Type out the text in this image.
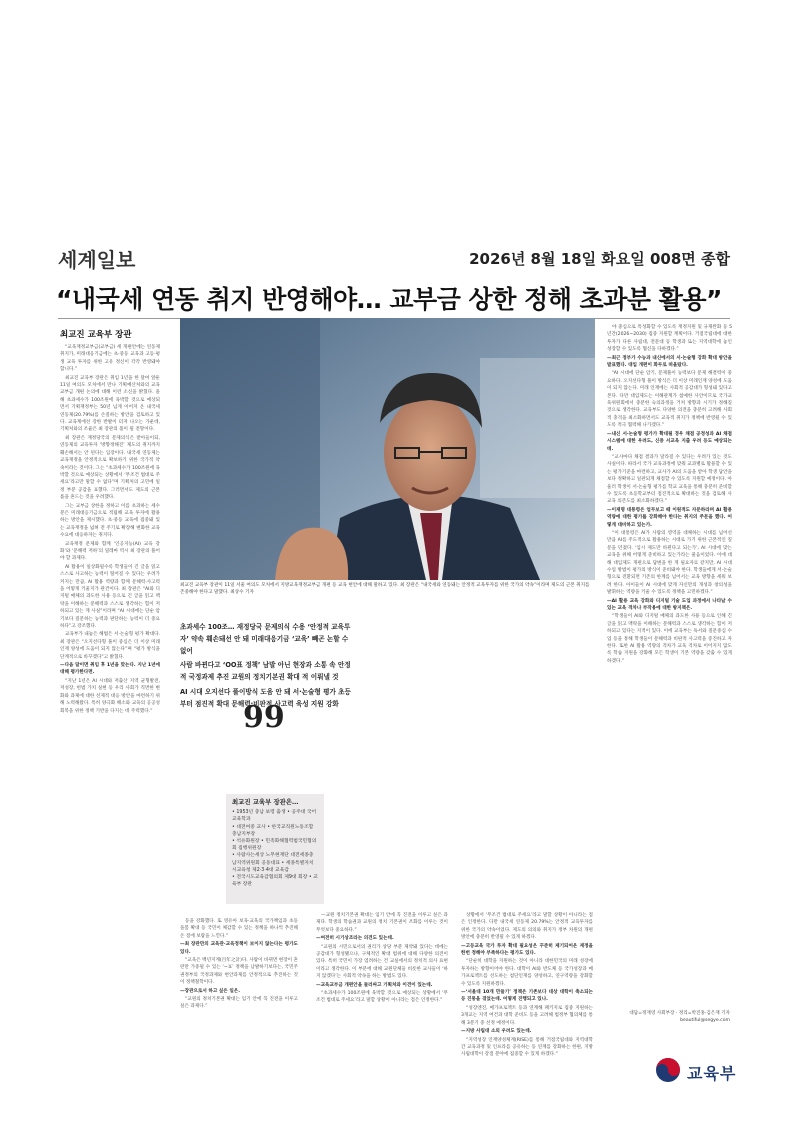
세계일보	2026년 8월 18일 화요일 008면 종합
“내국세 연동 취지 반영해야… 교부금 상한 정해 초과분 활용”
최교진 교육부 장관

“교육재정교부금(교부금) 세 개편안에는 연동제 취지가, 미래대응기금에는 초·중등 교육과 고등·평생 교육 투자를 위한 고유 정신이 각각 반영돼야 합니다.”

최교진 교육부 장관은 취임 1년을 한 달여 앞둔 11일 여의도 모처에서 만나 기획예산처와의 교육교부금 개편 논의에 대해 이런 소신을 밝혔다. 올해 초과세수가 100조원에 육박할 것으로 예상되면서 기획재정부는 50년 넘게 이어져 온 내국세 연동제(20.79%)를 손질하는 방안을 검토하고 있다. 교육계에선 강한 반발이 터져 나오는 가운데, 기획처와의 조율은 최 장관의 몫이 될 전망이다.

최 장관은 재정당국의 문제의식은 받아들이되, 연동제의 교육투자 ‘방향정해진’ 제도의 취지까지 훼손해서는 안 된다는 입장이다. 내국세 연동제는 교육재정을 안정적으로 확보하기 위한 국가적 약속이라는 것이다. 그는 “초과세수가 100조원에 육박할 것으로 예상되는 상황에서 ‘무조건 법대로 주세요’라고만 말할 수 없다”며 기획처의 고민에 일정 부분 공감을 표했다. 그러면서도 제도의 근본 틀을 흔드는 것을 우려했다.

그는 교부금 상한을 정하고 이를 초과하는 세수분은 미래대응기금으로 적립해 교육 투자에 활용하는 방안을 제시했다. 초·중등 교육에 집중돼 있는 교육재정을 넓혀 전 주기로 확장해 변화한 교육 수요에 대응하자는 취지다.

교육재정 문제와 함께 ‘인공지능(AI) 교육 강화’와 ‘문해력 저하’의 딜레마 역시 최 장관의 풀어야 할 과제다.

AI 활용이 일상화될수록 학생들이 긴 글을 읽고 스스로 사고하는 능력이 떨어질 수 있다는 우려가 커지는 만큼, AI 활용 역량과 함께 문해력·사고력을 어떻게 키울지가 관건이다. 최 장관은 “AI와 디지털 매체의 과도한 사용 등으로 긴 글을 읽고 맥락을 이해하는 문해력과 스스로 생각하는 힘이 저하되고 있는 게 사실”이라며 “AI 시대에는 단순 암기보다 질문하는 능력과 판단하는 능력이 더 중요하다”고 강조했다.

교육부가 내놓은 해법은 서·논술형 평가 확대다. 최 장관은 “오지선다형 풀이 중심은 더 이상 미래인재 양성에 도움이 되지 않는다”며 “평가 방식을 단계적으로 바꾸겠다”고 밝혔다.

—다음 달이면 취임 후 1년을 맞는다. 지난 1년에 대해 평가한다면.

“지난 1년은 AI 시대와 저출산 지역 균형발전, 저성장, 헌법 가치 실현 등 우리 사회가 직면한 변화와 과제에 대한 선제적 대응 방안을 마련하기 위해 노력해왔다. 특히 양극화 해소와 교육의 공공성 회복을 위한 정책 기반을 다지는 데 주력했다.”

최교진 교육부 장관이 11일 서울 여의도 모처에서 지방교육재정교부금 개편 등 교육 현안에 대해 말하고 있다. 최 장관은 “내국세와 연동돼는 안정적 교육투자를 위한 국가의 약속”이라며 제도의 근본 취지를 존중해야 한다고 말했다. 최상수 기자

초과세수 100조… 재정당국 문제의식 수용 ‘안정적 교육투자’ 약속 훼손돼선 안 돼 미래대응기금 ‘교육’ 빼곤 논할 수 없어

사람 바뀐다고 ‘OO표 정책’ 남발 아닌 현장과 소통 속 안정적 국정과제 추진 교원의 정치기본권 확대 적 이뤄낼 것

AI 시대 오지선다 풀이방식 도움 안 돼 서·논술형 평가 초등부터 점진적 확대 문해력·비판적 사고력 육성 지원 강화

99
최교진 교육부 장관은…
• 1953년 충남 보령 출생 • 공주대 국어교육학과
• 대전여중 교사 • 한국교직원노동조합 충남지부장
• 석유화원장 • 민족화해협력범국민협의회 집행위원장
• 사람사는세상 노무현재단 대전세종충남지역위원회 공동대표 • 세종특별자치시교육청 제2·3·4대 교육감
• 전국시도교육감협의회 제9대 회장 • 교육부 장관

등을 강화했다. 또 영유아 보육·교육의 국가책임과 초등돌봄 확대 등 국민이 체감할 수 있는 정책을 하나씩 추진해 온 점에 보람을 느낀다.”

—최 장관만의 교육관·교육정책이 보이지 않는다는 평가도 있다.

“교육은 백년지계(百年之計)다. 사람이 바뀌면 현장이 혼란만 가중될 수 있는 ‘~표’ 정책을 남발하기보다는, 국민주권정부의 국정과제와 현안과제를 안정적으로 추진하는 것이 정책철학이다.

—장관으로서 하고 싶은 일은.

“교원의 정치기본권 확대는 임기 안에 꼭 진전을 이루고 싶은 과제다.”

—교원 정치기본권 확대는 임기 안에 꼭 진전을 이루고 싶은 과제다. 학생의 학습권과 교원의 정치 기본권이 조화를 이루는 것이 무엇보다 중요하다.”

—여전히 시기상조라는 의견도 있는데.

“교원의 시민으로서의 권리가 상당 부분 제약돼 있다는 데에는 공감대가 형성됐으나, 구체적인 확대 범위에 대해 다양한 의견이 있다. 특히 국민이 가장 염려하는 건 교실에서의 정치적 의사 표현이라고 생각한다. 이 부분에 대해 교원단체들 비롯한 교사들이 ‘하지 않겠다’는 사회적 약속을 하는 방법도 있다.

—교육교부금 개편안을 둘러싸고 기획처와 이견이 있는데.

“초과세수가 100조원에 육박할 것으로 예상되는 상황에서 ‘무조건 법대로 주세요’라고 말할 상황이 아니라는 점은 인정한다.”

상황에서 ‘무조건 법대로 주세요’라고 말할 상황이 아니라는 점은 인정한다. 다만 내국세 연동제 20.79%는 안정적 교육투자를 위한 국가의 약속이었다. 제도의 의의와 취지가 정부 차원의 개편 방안에 충분히 반영될 수 있게 하겠다.

—고등교육 국가 투자 확대 필요성은 꾸준히 제기되어온 재정을 한번 정해야 부족하다는 평가도 있다.

“단순히 대학을 지원하는 것이 아니라 대한민국의 미래 성장에 투자하는 방향이어야 한다. 대학이 AI와 반도체 등 국가성장과 메가프로젝트를 선도하는 첨단인재를 양성하고, 연구역량을 강화할 수 있도록 지원하겠다.

—‘서울대 10개 만들기’ 정책은 기존보다 대상 대학이 축소되는 등 진통을 겪었는데. 어떻게 진행되고 있나.

“성장엔진, 메가프로젝트 등과 연계해 패키지로 집중 지원하는 3개교는 지역 여건과 대학 준비도 등을 고려해 범정부 협의체를 통해 3분기 중 선정 예정이다.

—지방 사립대 소외 우려도 있는데.

“지역성장 인재양성체계(RISE)를 통해 거점국립대와 지역대학 간 교육과정 및 인프라를 공유하는 등 연계를 강화하는 한편, 지방 사립대학이 강점 분야에 집중할 수 있게 하겠다.”

야 중심으로 특성화할 수 있도록 재정지원 및 규제완화 등 5년간(2026~2030) 집중 지원할 계획이다. 거점국립대에 대한 투자가 다른 사립대, 전문대 등 학생과 또는 지역대학에 놓인 성장할 수 있도록 협신을 다하겠다.”

—최근 정부가 수능과 내신에서의 서·논술형 강화 확대 방안을 발표했다. 대입 개편이 화두로 떠올랐다.

“AI 시대에 단순 암기, 문제풀이 능력보다 문제 해결력이 중요하다. 오지선다형 풀이 방식은 더 이상 미래인재 양성에 도움이 되지 않는다. 미래 인재에는 사회적 공감대가 형성돼 있다고 본다. 다만 대입제도는 이해관계가 첨예한 사안이므로 국가교육위원회에서 충분한 숙의과정을 거쳐 방향과 시기가 정해질 것으로 생각한다. 교육부도 다양한 의견을 충분히 고려해 사회적 충격을 최소화하면서도 교육적 취지가 정책에 반영될 수 있도록 적극 협력해 나가겠다.”

—내신 서·논술형 평가가 확대될 경우 채점 공정성과 AI 채점 시스템에 대한 우려도, 신중 서교육 지출 우려 등도 예상되는데.

“교사마다 채점 결과가 달라질 수 있다는 우려가 있는 것도 사실이다. 따라서 국가 교육과정에 맞춰 교과별로 활용할 수 있는 평가기준을 마련하고, 교사가 AI의 도움을 받아 학생 답안을 보다 정확하고 일관되게 채점할 수 있도록 지원할 예정이다. 아울러 학생이 서·논술형 평가를 학교 교육을 통해 충분히 준비할 수 있도록 초등학교부터 점진적으로 확대하는 것을 검토해 사교육 의존도를 최소화하겠다.”

—이재명 대통령은 업무보고 때 이원적도 자문하라며 AI 활용 역량에 대한 평가를 강화해야 한다는 취지의 주문을 했다. 어떻게 대비하고 있는가.

“이 대통령은 AI가 사람의 영역을 대체하는 시대를 넘어선 만큼 AI를 주도적으로 활용하는 시대로 가기 위한 근본적인 질문을 던졌다. ‘입시 제도만 바뀐다고 되는가’, AI 시대에 맞는 교육을 위해 어떻게 준비하고 있는가라는 물음이었다. 이에 대해 대입제도 개편으로 답변을 한 게 필요자료 같지만, AI 시대 수업 방법이 평가의 방식이 준비돼야 한다. 학생들에게 서·논술형으로 전환되면 기존의 한계를 넘어서는 교육 방향을 세워 보려 한다. 아이들이 AI 시대에 맞게 자신만의 개성과 창의성을 발휘하는 역량을 키울 수 있도록 정책을 고민하겠다.”

—AI 활용 교육 강화와 디지털 기술 도입 과정에서 나타날 수 있는 교육 격차나 부작용에 대한 방지책은.

“학생들이 AI와 디지털 매체의 과도한 사용 등으로 인해 긴 글을 읽고 맥락을 이해하는 문해력과 스스로 생각하는 힘이 저하되고 있다는 지적이 있다. 이에 교육부는 독서와 질문중심 수업 등을 통해 학생들이 문해력과 비판적 사고력을 증진하고 자 한다. 또한 AI 활용 역량의 격차가 교육 격차로 이어지지 않도록 학습 지원을 강화해 모든 학생이 기본 역량을 갖출 수 있게 하겠다.”

대담=정재영 사회부장 · 정리=박진홍·김은재 기자
beautiful@segye.com
교육부
